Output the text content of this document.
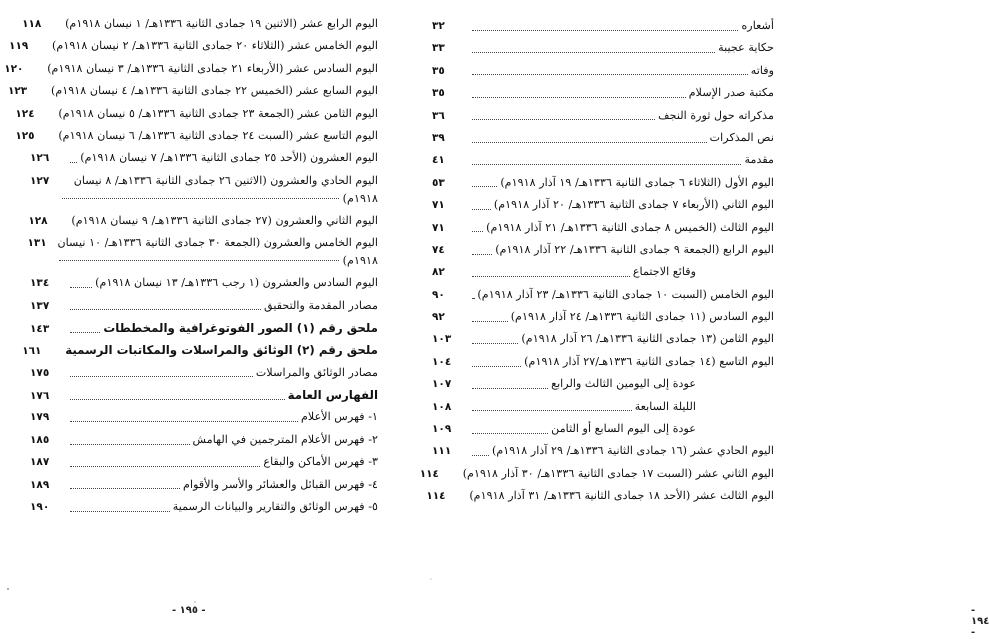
اليوم الرابع عشر (الاثنين ١٩ جمادى الثانية ١٣٣٦هـ/ ١ نيسان ١٩١٨م)
١١٨
اليوم الخامس عشر (الثلاثاء ٢٠ جمادى الثانية ١٣٣٦هـ/ ٢ نيسان ١٩١٨م)
١١٩
اليوم السادس عشر (الأربعاء ٢١ جمادى الثانية ١٣٣٦هـ/ ٣ نيسان ١٩١٨م)
١٢٠
اليوم السابع عشر (الخميس ٢٢ جمادى الثانية ١٣٣٦هـ/ ٤ نيسان ١٩١٨م)
١٢٣
اليوم الثامن عشر (الجمعة ٢٣ جمادى الثانية ١٣٣٦هـ/ ٥ نيسان ١٩١٨م)
١٢٤
اليوم التاسع عشر (السبت ٢٤ جمادى الثانية ١٣٣٦هـ/ ٦ نيسان ١٩١٨م)
١٢٥
اليوم العشرون (الأحد ٢٥ جمادى الثانية ١٣٣٦هـ/ ٧ نيسان ١٩١٨م)
١٢٦
اليوم الحادي والعشرون (الاثنين ٢٦ جمادى الثانية ١٣٣٦هـ/ ٨ نيسان
١٩١٨م)
١٢٧
اليوم الثاني والعشرون (٢٧ جمادى الثانية ١٣٣٦هـ/ ٩ نيسان ١٩١٨م)
١٢٨
اليوم الخامس والعشرون (الجمعة ٣٠ جمادى الثانية ١٣٣٦هـ/ ١٠ نيسان
١٩١٨م)
١٣١
اليوم السادس والعشرون (١ رجب ١٣٣٦هـ/ ١٣ نيسان ١٩١٨م)
١٣٤
مصادر المقدمة والتحقيق
١٣٧
ملحق رقم (١) الصور الفوتوغرافية والمخططات
١٤٣
ملحق رقم (٢) الوثائق والمراسلات والمكاتبات الرسمية
١٦١
مصادر الوثائق والمراسلات
١٧٥
الفهارس العامة
١٧٦
١- فهرس الأعلام
١٧٩
٢- فهرس الأعلام المترجمين في الهامش
١٨٥
٣- فهرس الأماكن والبقاع
١٨٧
٤- فهرس القبائل والعشائر والأسر والأقوام
١٨٩
٥- فهرس الوثائق والتقارير والبيانات الرسمية
١٩٠
- ١٩٥ -
أشعاره
٣٢
حكاية عجيبة
٣٣
وفاته
٣٥
مكتبة صدر الإسلام
٣٥
مذكراته حول ثورة النجف
٣٦
نص المذكرات
٣٩
مقدمة
٤١
اليوم الأول (الثلاثاء ٦ جمادى الثانية ١٣٣٦هـ/ ١٩ آذار ١٩١٨م)
٥٣
اليوم الثاني (الأربعاء ٧ جمادى الثانية ١٣٣٦هـ/ ٢٠ آذار ١٩١٨م)
٧١
اليوم الثالث (الخميس ٨ جمادى الثانية ١٣٣٦هـ/ ٢١ آذار ١٩١٨م)
٧١
اليوم الرابع (الجمعة ٩ جمادى الثانية ١٣٣٦هـ/ ٢٢ آذار ١٩١٨م)
٧٤
وقائع الاجتماع
٨٢
اليوم الخامس (السبت ١٠ جمادى الثانية ١٣٣٦هـ/ ٢٣ آذار ١٩١٨م)
٩٠
اليوم السادس (١١ جمادى الثانية ١٣٣٦هـ/ ٢٤ آذار ١٩١٨م)
٩٢
اليوم الثامن (١٣ جمادى الثانية ١٣٣٦هـ/ ٢٦ آذار ١٩١٨م)
١٠٣
اليوم التاسع (١٤ جمادى الثانية ١٣٣٦هـ/٢٧ آذار ١٩١٨م)
١٠٤
عودة إلى اليومين الثالث والرابع
١٠٧
الليلة السابعة
١٠٨
عودة إلى اليوم السابع أو الثامن
١٠٩
اليوم الحادي عشر (١٦ جمادى الثانية ١٣٣٦هـ/ ٢٩ آذار ١٩١٨م)
١١١
اليوم الثاني عشر (السبت ١٧ جمادى الثانية ١٣٣٦هـ/ ٣٠ آذار ١٩١٨م)
١١٤
اليوم الثالث عشر (الأحد ١٨ جمادى الثانية ١٣٣٦هـ/ ٣١ آذار ١٩١٨م)
١١٤
- ١٩٤ -
